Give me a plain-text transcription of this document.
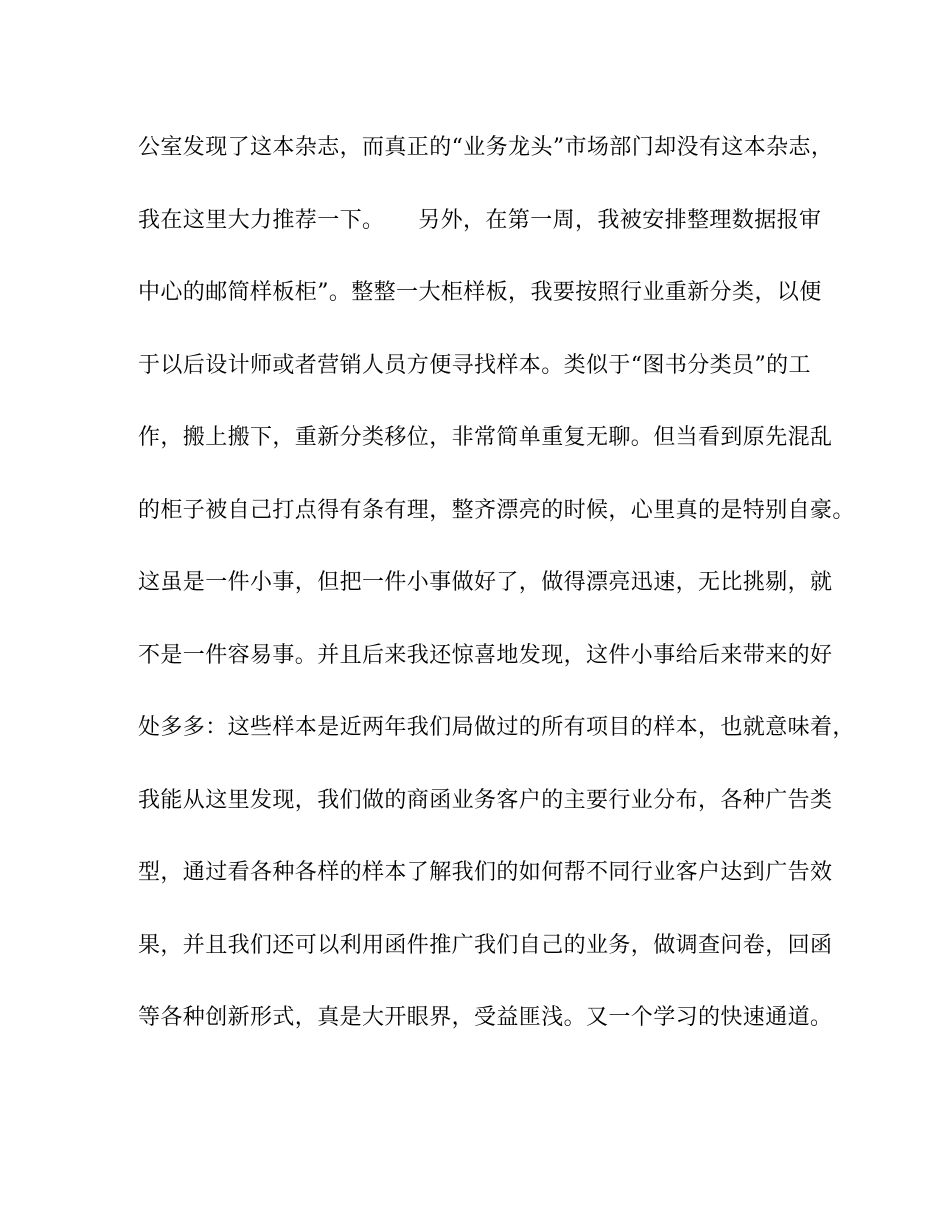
公室发现了这本杂志，而真正的“业务龙头”市场部门却没有这本杂志，
我在这里大力推荐一下。　　另外，在第一周，我被安排整理数据报审
中心的邮简样板柜”。整整一大柜样板，我要按照行业重新分类，以便
于以后设计师或者营销人员方便寻找样本。类似于“图书分类员”的工
作，搬上搬下，重新分类移位，非常简单重复无聊。但当看到原先混乱
的柜子被自己打点得有条有理，整齐漂亮的时候，心里真的是特别自豪。
这虽是一件小事，但把一件小事做好了，做得漂亮迅速，无比挑剔，就
不是一件容易事。并且后来我还惊喜地发现，这件小事给后来带来的好
处多多：这些样本是近两年我们局做过的所有项目的样本，也就意味着，
我能从这里发现，我们做的商函业务客户的主要行业分布，各种广告类
型，通过看各种各样的样本了解我们的如何帮不同行业客户达到广告效
果，并且我们还可以利用函件推广我们自己的业务，做调查问卷，回函
等各种创新形式，真是大开眼界，受益匪浅。又一个学习的快速通道。
